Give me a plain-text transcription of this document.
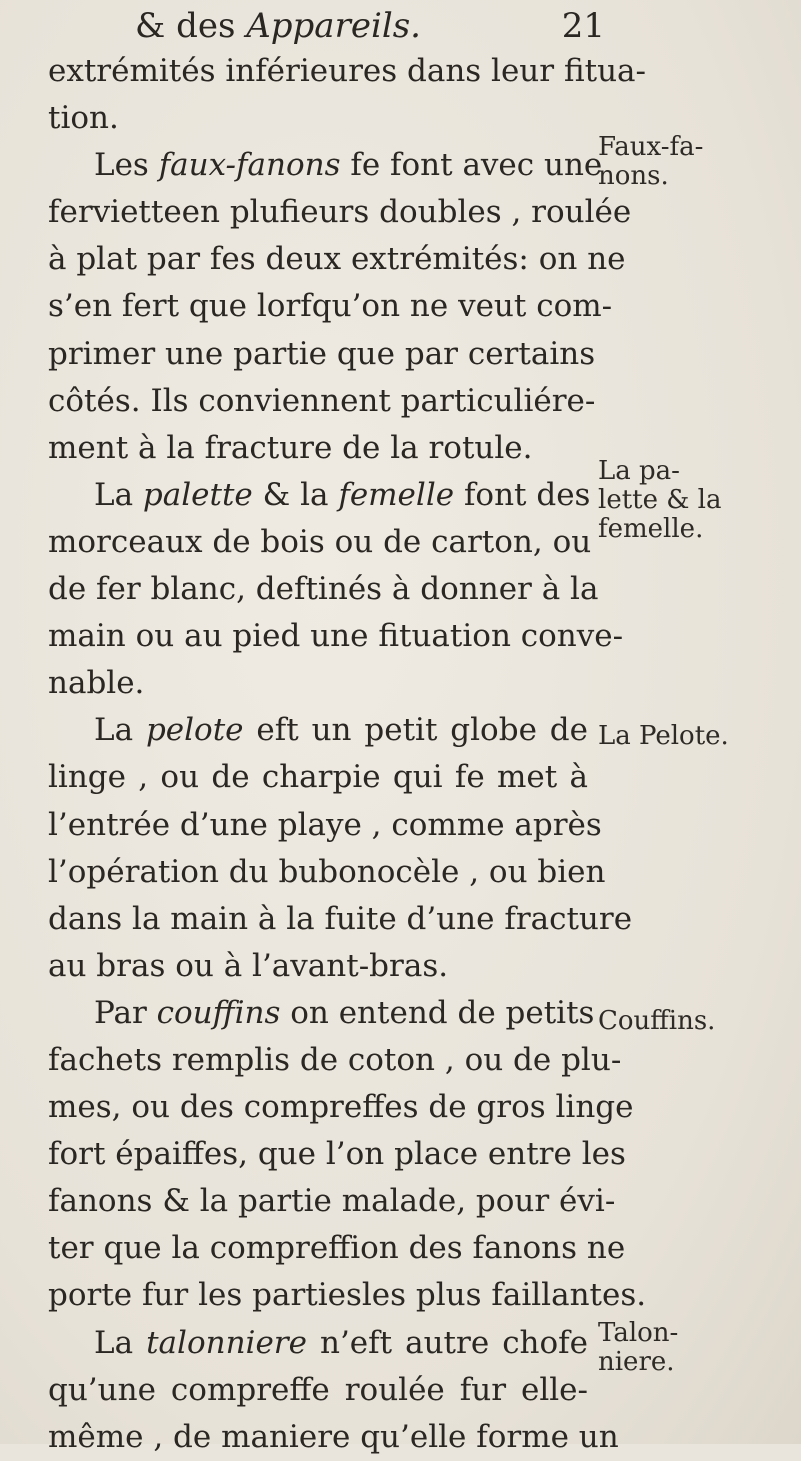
& des Appareils.	21
extrémités inférieures dans leur fitua-
tion.
Les faux-fanons fe font avec une
fervietteen plufieurs doubles , roulée
à plat par fes deux extrémités: on ne
s’en fert que lorfqu’on ne veut com-
primer une partie que par certains
côtés. Ils conviennent particuliére-
ment à la fracture de la rotule.
La palette & la femelle font des
morceaux de bois ou de carton, ou
de fer blanc, deftinés à donner à la
main ou au pied une fituation conve-
nable.
La pelote eft un petit globe de
linge , ou de charpie qui fe met à
l’entrée d’une playe , comme après
l’opération du bubonocèle , ou bien
dans la main à la fuite d’une fracture
au bras ou à l’avant-bras.
Par couffins on entend de petits
fachets remplis de coton , ou de plu-
mes, ou des compreffes de gros linge
fort épaiffes, que l’on place entre les
fanons & la partie malade, pour évi-
ter que la compreffion des fanons ne
porte fur les partiesles plus faillantes.
La talonniere n’eft autre chofe
qu’une compreffe roulée fur elle-
même , de maniere qu’elle forme un
Faux-fa-
nons.
La pa-
lette & la
femelle.
La Pelote.
Couffins.
Talon-
niere.
